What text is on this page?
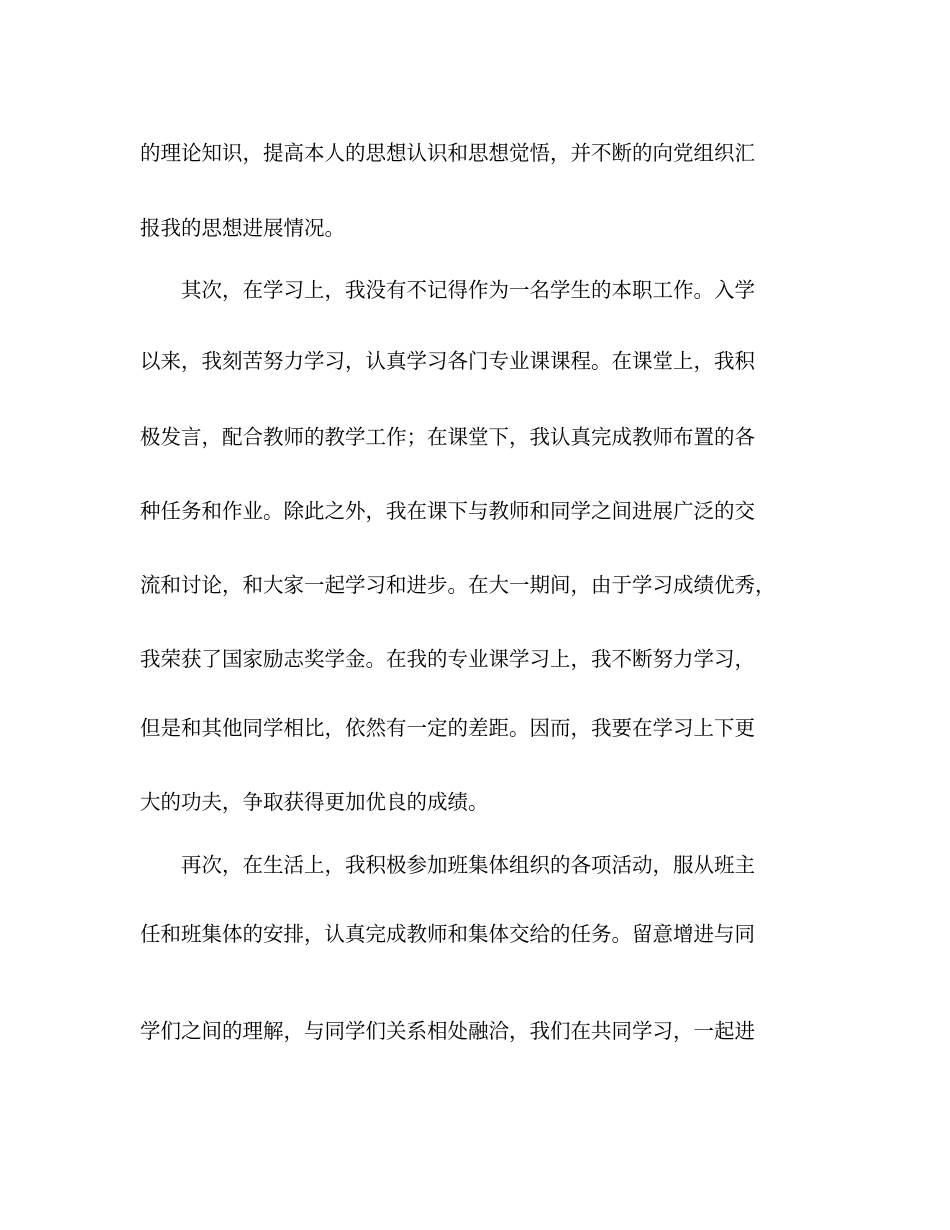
的理论知识，提高本人的思想认识和思想觉悟，并不断的向党组织汇
报我的思想进展情况。
其次，在学习上，我没有不记得作为一名学生的本职工作。入学
以来，我刻苦努力学习，认真学习各门专业课课程。在课堂上，我积
极发言，配合教师的教学工作；在课堂下，我认真完成教师布置的各
种任务和作业。除此之外，我在课下与教师和同学之间进展广泛的交
流和讨论，和大家一起学习和进步。在大一期间，由于学习成绩优秀，
我荣获了国家励志奖学金。在我的专业课学习上，我不断努力学习，
但是和其他同学相比，依然有一定的差距。因而，我要在学习上下更
大的功夫，争取获得更加优良的成绩。
再次，在生活上，我积极参加班集体组织的各项活动，服从班主
任和班集体的安排，认真完成教师和集体交给的任务。留意增进与同
学们之间的理解，与同学们关系相处融洽，我们在共同学习，一起进
